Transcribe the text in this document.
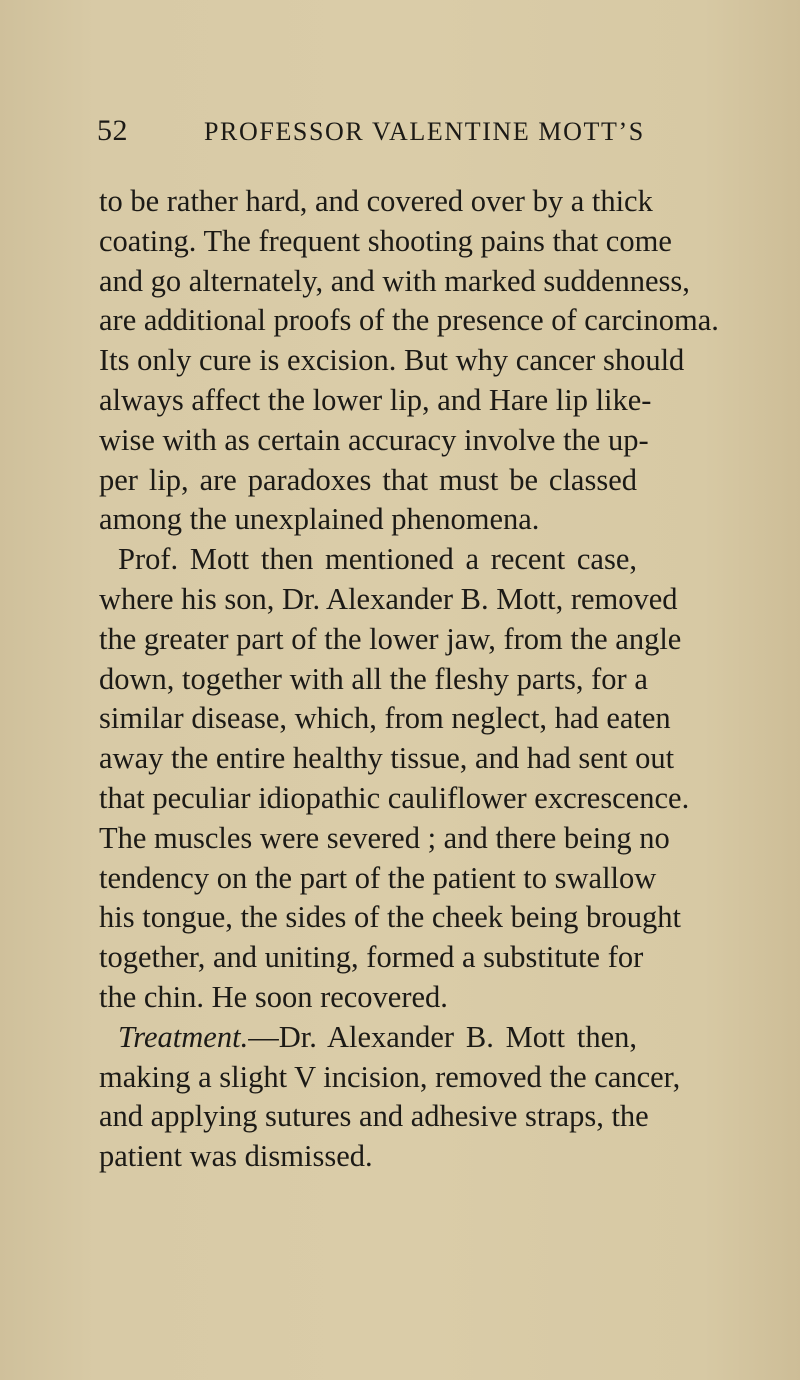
52	PROFESSOR VALENTINE MOTT’S
to be rather hard, and covered over by a thick
coating. The frequent shooting pains that come
and go alternately, and with marked suddenness,
are additional proofs of the presence of carcinoma.
Its only cure is excision. But why cancer should
always affect the lower lip, and Hare lip like-
wise with as certain accuracy involve the up-
per lip, are paradoxes that must be classed
among the unexplained phenomena.
Prof. Mott then mentioned a recent case,
where his son, Dr. Alexander B. Mott, removed
the greater part of the lower jaw, from the angle
down, together with all the fleshy parts, for a
similar disease, which, from neglect, had eaten
away the entire healthy tissue, and had sent out
that peculiar idiopathic cauliflower excrescence.
The muscles were severed ; and there being no
tendency on the part of the patient to swallow
his tongue, the sides of the cheek being brought
together, and uniting, formed a substitute for
the chin. He soon recovered.
Treatment.—Dr. Alexander B. Mott then,
making a slight V incision, removed the cancer,
and applying sutures and adhesive straps, the
patient was dismissed.
